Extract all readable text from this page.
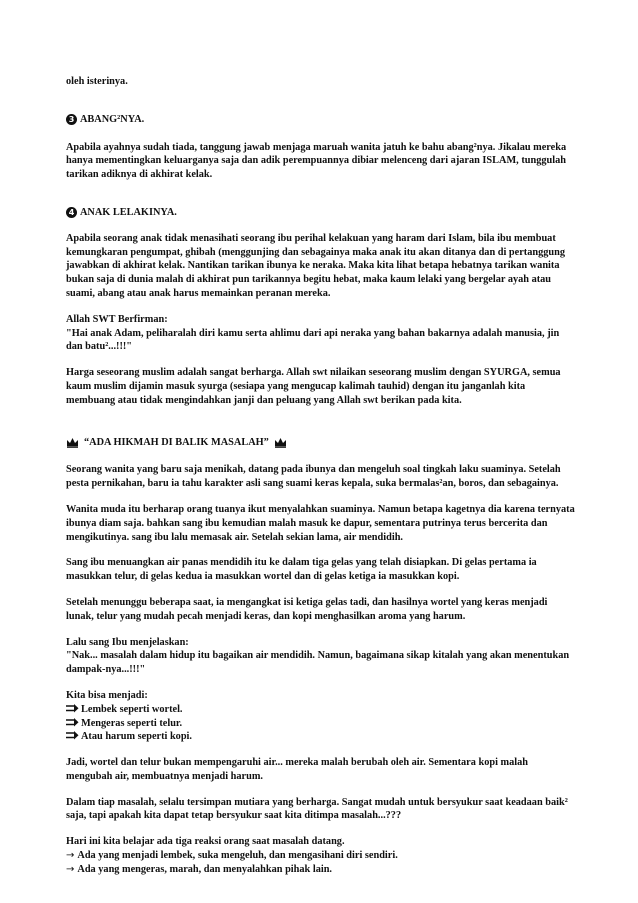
oleh isterinya.

3 ABANG²NYA.

Apabila ayahnya sudah tiada, tanggung jawab menjaga maruah wanita jatuh ke bahu abang²nya. Jikalau mereka hanya mementingkan keluarganya saja dan adik perempuannya dibiar melenceng dari ajaran ISLAM, tunggulah tarikan adiknya di akhirat kelak.

4 ANAK LELAKINYA.

Apabila seorang anak tidak menasihati seorang ibu perihal kelakuan yang haram dari Islam, bila ibu membuat kemungkaran pengumpat, ghibah (menggunjing dan sebagainya maka anak itu akan ditanya dan di pertanggung jawabkan di akhirat kelak. Nantikan tarikan ibunya ke neraka. Maka kita lihat betapa hebatnya tarikan wanita bukan saja di dunia malah di akhirat pun tarikannya begitu hebat, maka kaum lelaki yang bergelar ayah atau suami, abang atau anak harus memainkan peranan mereka.

Allah SWT Berfirman:
"Hai anak Adam, peliharalah diri kamu serta ahlimu dari api neraka yang bahan bakarnya adalah manusia, jin dan batu²...!!!"

Harga seseorang muslim adalah sangat berharga. Allah swt nilaikan seseorang muslim dengan SYURGA, semua kaum muslim dijamin masuk syurga (sesiapa yang mengucap kalimah tauhid) dengan itu janganlah kita membuang atau tidak mengindahkan janji dan peluang yang Allah swt berikan pada kita.

“ADA HIKMAH DI BALIK MASALAH”

Seorang wanita yang baru saja menikah, datang pada ibunya dan mengeluh soal tingkah laku suaminya. Setelah pesta pernikahan, baru ia tahu karakter asli sang suami keras kepala, suka bermalas²an, boros, dan sebagainya.

Wanita muda itu berharap orang tuanya ikut menyalahkan suaminya. Namun betapa kagetnya dia karena ternyata ibunya diam saja. bahkan sang ibu kemudian malah masuk ke dapur, sementara putrinya terus bercerita dan mengikutinya. sang ibu lalu memasak air. Setelah sekian lama, air mendidih.

Sang ibu menuangkan air panas mendidih itu ke dalam tiga gelas yang telah disiapkan. Di gelas pertama ia masukkan telur, di gelas kedua ia masukkan wortel dan di gelas ketiga ia masukkan kopi.

Setelah menunggu beberapa saat, ia mengangkat isi ketiga gelas tadi, dan hasilnya wortel yang keras menjadi lunak, telur yang mudah pecah menjadi keras, dan kopi menghasilkan aroma yang harum.

Lalu sang Ibu menjelaskan:
"Nak... masalah dalam hidup itu bagaikan air mendidih. Namun, bagaimana sikap kitalah yang akan menentukan dampak-nya...!!!"

Kita bisa menjadi:
Lembek seperti wortel.
Mengeras seperti telur.
Atau harum seperti kopi.

Jadi, wortel dan telur bukan mempengaruhi air... mereka malah berubah oleh air. Sementara kopi malah mengubah air, membuatnya menjadi harum.

Dalam tiap masalah, selalu tersimpan mutiara yang berharga. Sangat mudah untuk bersyukur saat keadaan baik² saja, tapi apakah kita dapat tetap bersyukur saat kita ditimpa masalah...???

Hari ini kita belajar ada tiga reaksi orang saat masalah datang.
→ Ada yang menjadi lembek, suka mengeluh, dan mengasihani diri sendiri.
→ Ada yang mengeras, marah, dan menyalahkan pihak lain.
